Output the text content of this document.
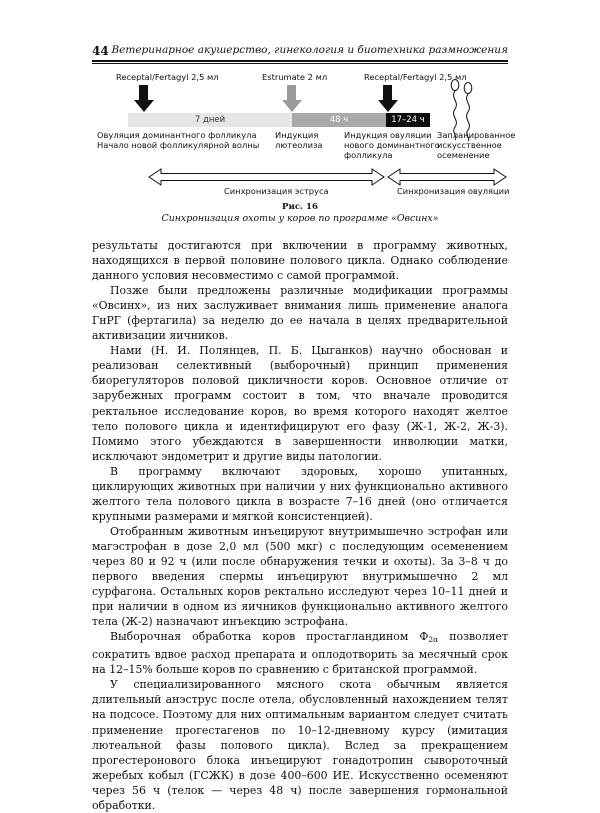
44 Ветеринарное акушерство, гинекология и биотехника размножения
Receptal/Fertagyl 2,5 мл	Estrumate 2 мл	Receptal/Fertagyl 2,5 мл
7 дней	48 ч	17–24 ч
Овуляция доминантного фолликула
Начало новой фолликулярной волны
Индукция
лютеолиза
Индукция овуляции
нового доминантного
фолликула
Запланированное
искусственное
осеменение
Синхронизация эструса	Синхронизация овуляции
Рис. 16
Синхронизация охоты у коров по программе «Овсинх»

результаты достигаются при включении в программу животных, находящихся в первой половине полового цикла. Однако соблюдение данного условия несовместимо с самой программой.

Позже были предложены различные модификации программы «Овсинх», из них заслуживает внимания лишь применение аналога ГнРГ (фертагила) за неделю до ее начала в целях предварительной активизации яичников.

Нами (Н. И. Полянцев, П. Б. Цыганков) научно обоснован и реализован селективный (выборочный) принцип применения биорегуляторов половой цикличности коров. Основное отличие от зарубежных программ состоит в том, что вначале проводится ректальное исследование коров, во время которого находят желтое тело полового цикла и идентифицируют его фазу (Ж-1, Ж-2, Ж-3). Помимо этого убеждаются в завершенности инволюции матки, исключают эндометрит и другие виды патологии.

В программу включают здоровых, хорошо упитанных, циклирующих животных при наличии у них функционально активного желтого тела полового цикла в возрасте 7–16 дней (оно отличается крупными размерами и мягкой консистенцией).

Отобранным животным инъецируют внутримышечно эстрофан или магэстрофан в дозе 2,0 мл (500 мкг) с последующим осеменением через 80 и 92 ч (или после обнаружения течки и охоты). За 3–8 ч до первого введения спермы инъецируют внутримышечно 2 мл сурфагона. Остальных коров ректально исследуют через 10–11 дней и при наличии в одном из яичников функционально активного желтого тела (Ж-2) назначают инъекцию эстрофана.

Выборочная обработка коров простагландином $Ф_{2\alpha}$ позволяет сократить вдвое расход препарата и оплодотворить за месячный срок на 12–15% больше коров по сравнению с британской программой.

У специализированного мясного скота обычным является длительный анэструс после отела, обусловленный нахождением телят на подсосе. Поэтому для них оптимальным вариантом следует считать применение прогестагенов по 10–12-дневному курсу (имитация лютеальной фазы полового цикла). Вслед за прекращением прогестеронового блока инъецируют гонадотропин сывороточный жеребых кобыл (ГСЖК) в дозе 400–600 ИЕ. Искусственно осеменяют через 56 ч (телок — через 48 ч) после завершения гормональной обработки.
